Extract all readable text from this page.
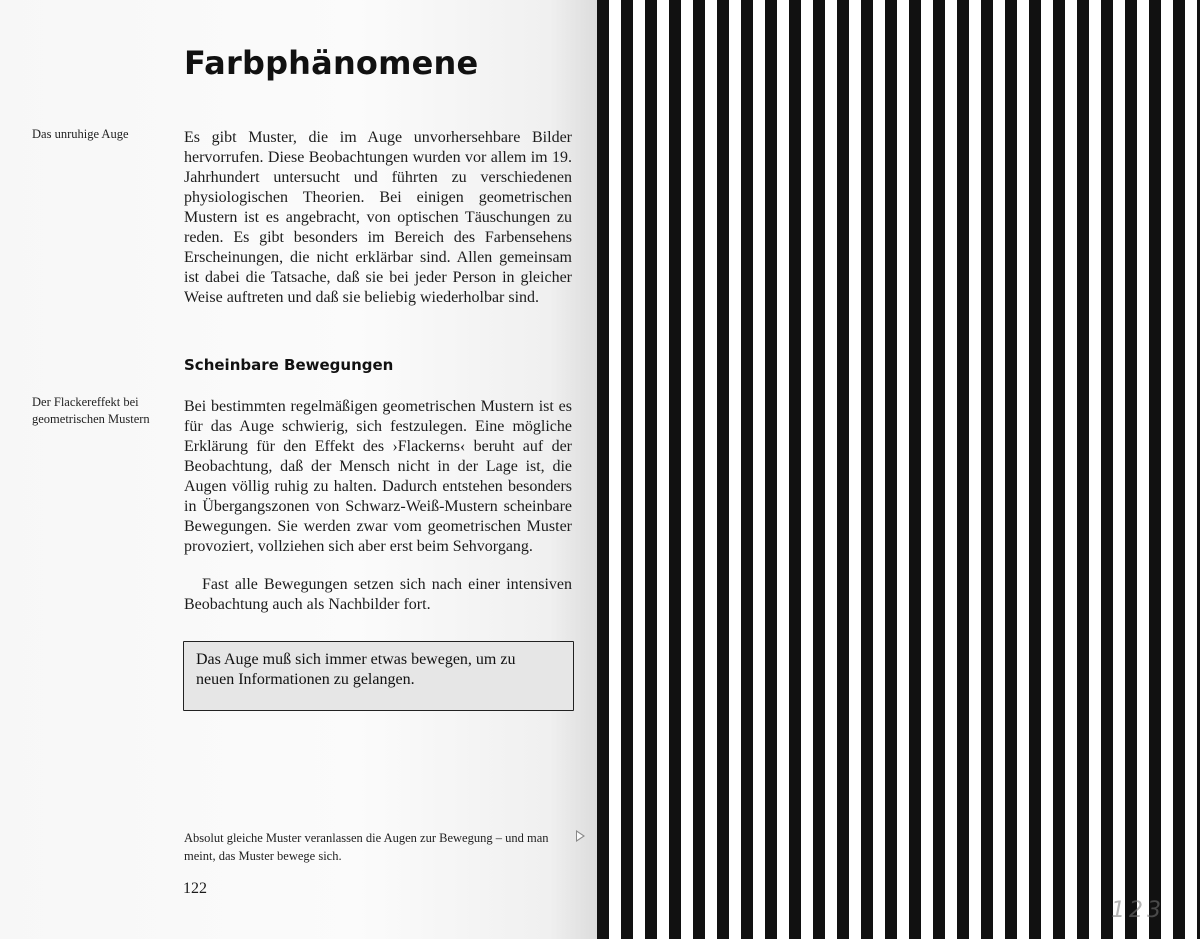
Farbphänomene
Das unruhige Auge	Es gibt Muster, die im Auge unvorhersehbare Bilder hervorrufen. Diese Beobachtungen wurden vor allem im 19. Jahrhundert untersucht und führten zu verschiedenen physiologischen Theorien. Bei einigen geometrischen Mustern ist es angebracht, von optischen Täuschungen zu reden. Es gibt besonders im Bereich des Farbensehens Erscheinungen, die nicht erklärbar sind. Allen gemeinsam ist dabei die Tatsache, daß sie bei jeder Person in gleicher Weise auftreten und daß sie beliebig wiederholbar sind.

Scheinbare Bewegungen
Der Flackereffekt bei geometrischen Mustern

Bei bestimmten regelmäßigen geometrischen Mustern ist es für das Auge schwierig, sich festzulegen. Eine mögliche Erklärung für den Effekt des ›Flackerns‹ beruht auf der Beobachtung, daß der Mensch nicht in der Lage ist, die Augen völlig ruhig zu halten. Dadurch entstehen besonders in Übergangszonen von Schwarz-Weiß-Mustern scheinbare Bewegungen. Sie werden zwar vom geometrischen Muster provoziert, vollziehen sich aber erst beim Sehvorgang.

Fast alle Bewegungen setzen sich nach einer intensiven Beobachtung auch als Nachbilder fort.

Das Auge muß sich immer etwas bewegen, um zu
neuen Informationen zu gelangen.

Absolut gleiche Muster veranlassen die Augen zur Bewegung – und man meint, das Muster bewege sich.

122
123
